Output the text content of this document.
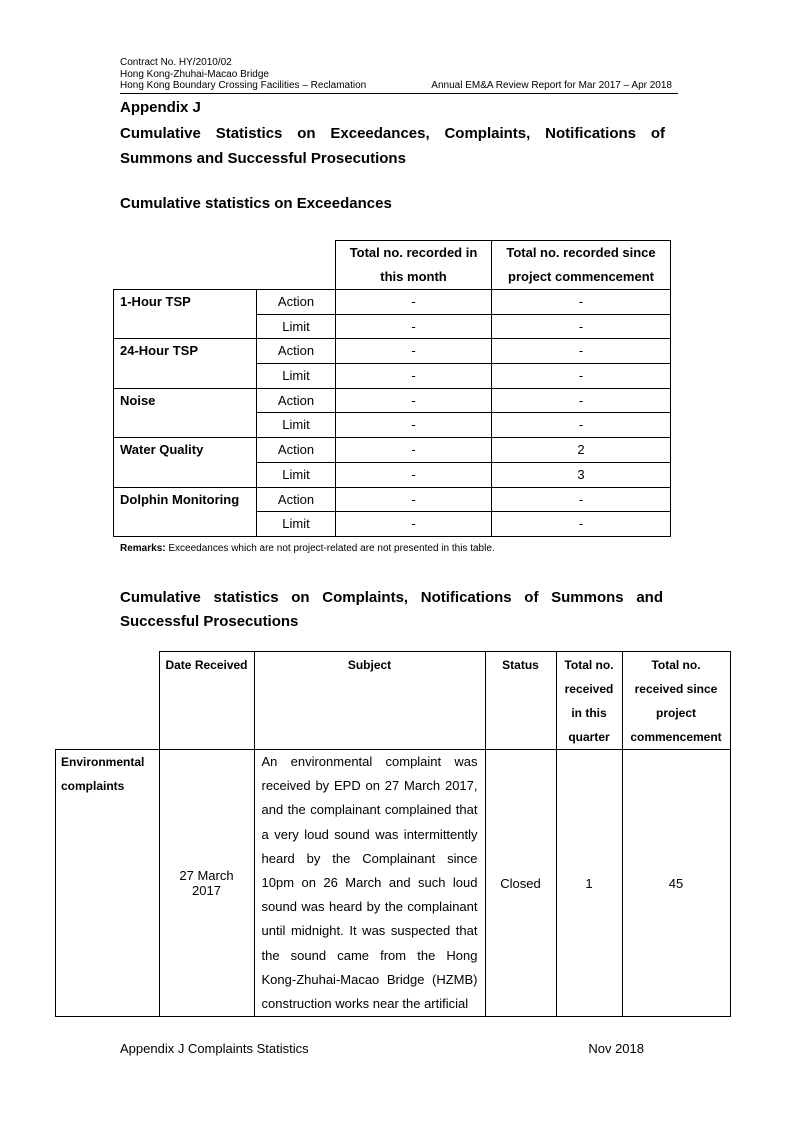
Contract No. HY/2010/02
Hong Kong-Zhuhai-Macao Bridge
Hong Kong Boundary Crossing Facilities – Reclamation	Annual EM&A Review Report for Mar 2017 – Apr 2018
Appendix J
Cumulative Statistics on Exceedances, Complaints, Notifications of
Summons and Successful Prosecutions
Cumulative statistics on Exceedances
		Total no. recorded in this month	Total no. recorded since project commencement
1-Hour TSP	Action	-	-
	Limit	-	-
24-Hour TSP	Action	-	-
	Limit	-	-
Noise	Action	-	-
	Limit	-	-
Water Quality	Action	-	2
	Limit	-	3
Dolphin Monitoring	Action	-	-
	Limit	-	-
Remarks: Exceedances which are not project-related are not presented in this table.
Cumulative statistics on Complaints, Notifications of Summons and
Successful Prosecutions
	Date Received	Subject	Status	Total no. received in this quarter	Total no. received since project commencement
Environmental complaints	27 March 2017	An environmental complaint was received by EPD on 27 March 2017, and the complainant complained that a very loud sound was intermittently heard by the Complainant since 10pm on 26 March and such loud sound was heard by the complainant until midnight. It was suspected that the sound came from the Hong Kong-Zhuhai-Macao Bridge (HZMB) construction works near the artificial	Closed	1	45
Appendix J Complaints Statistics	Nov 2018
